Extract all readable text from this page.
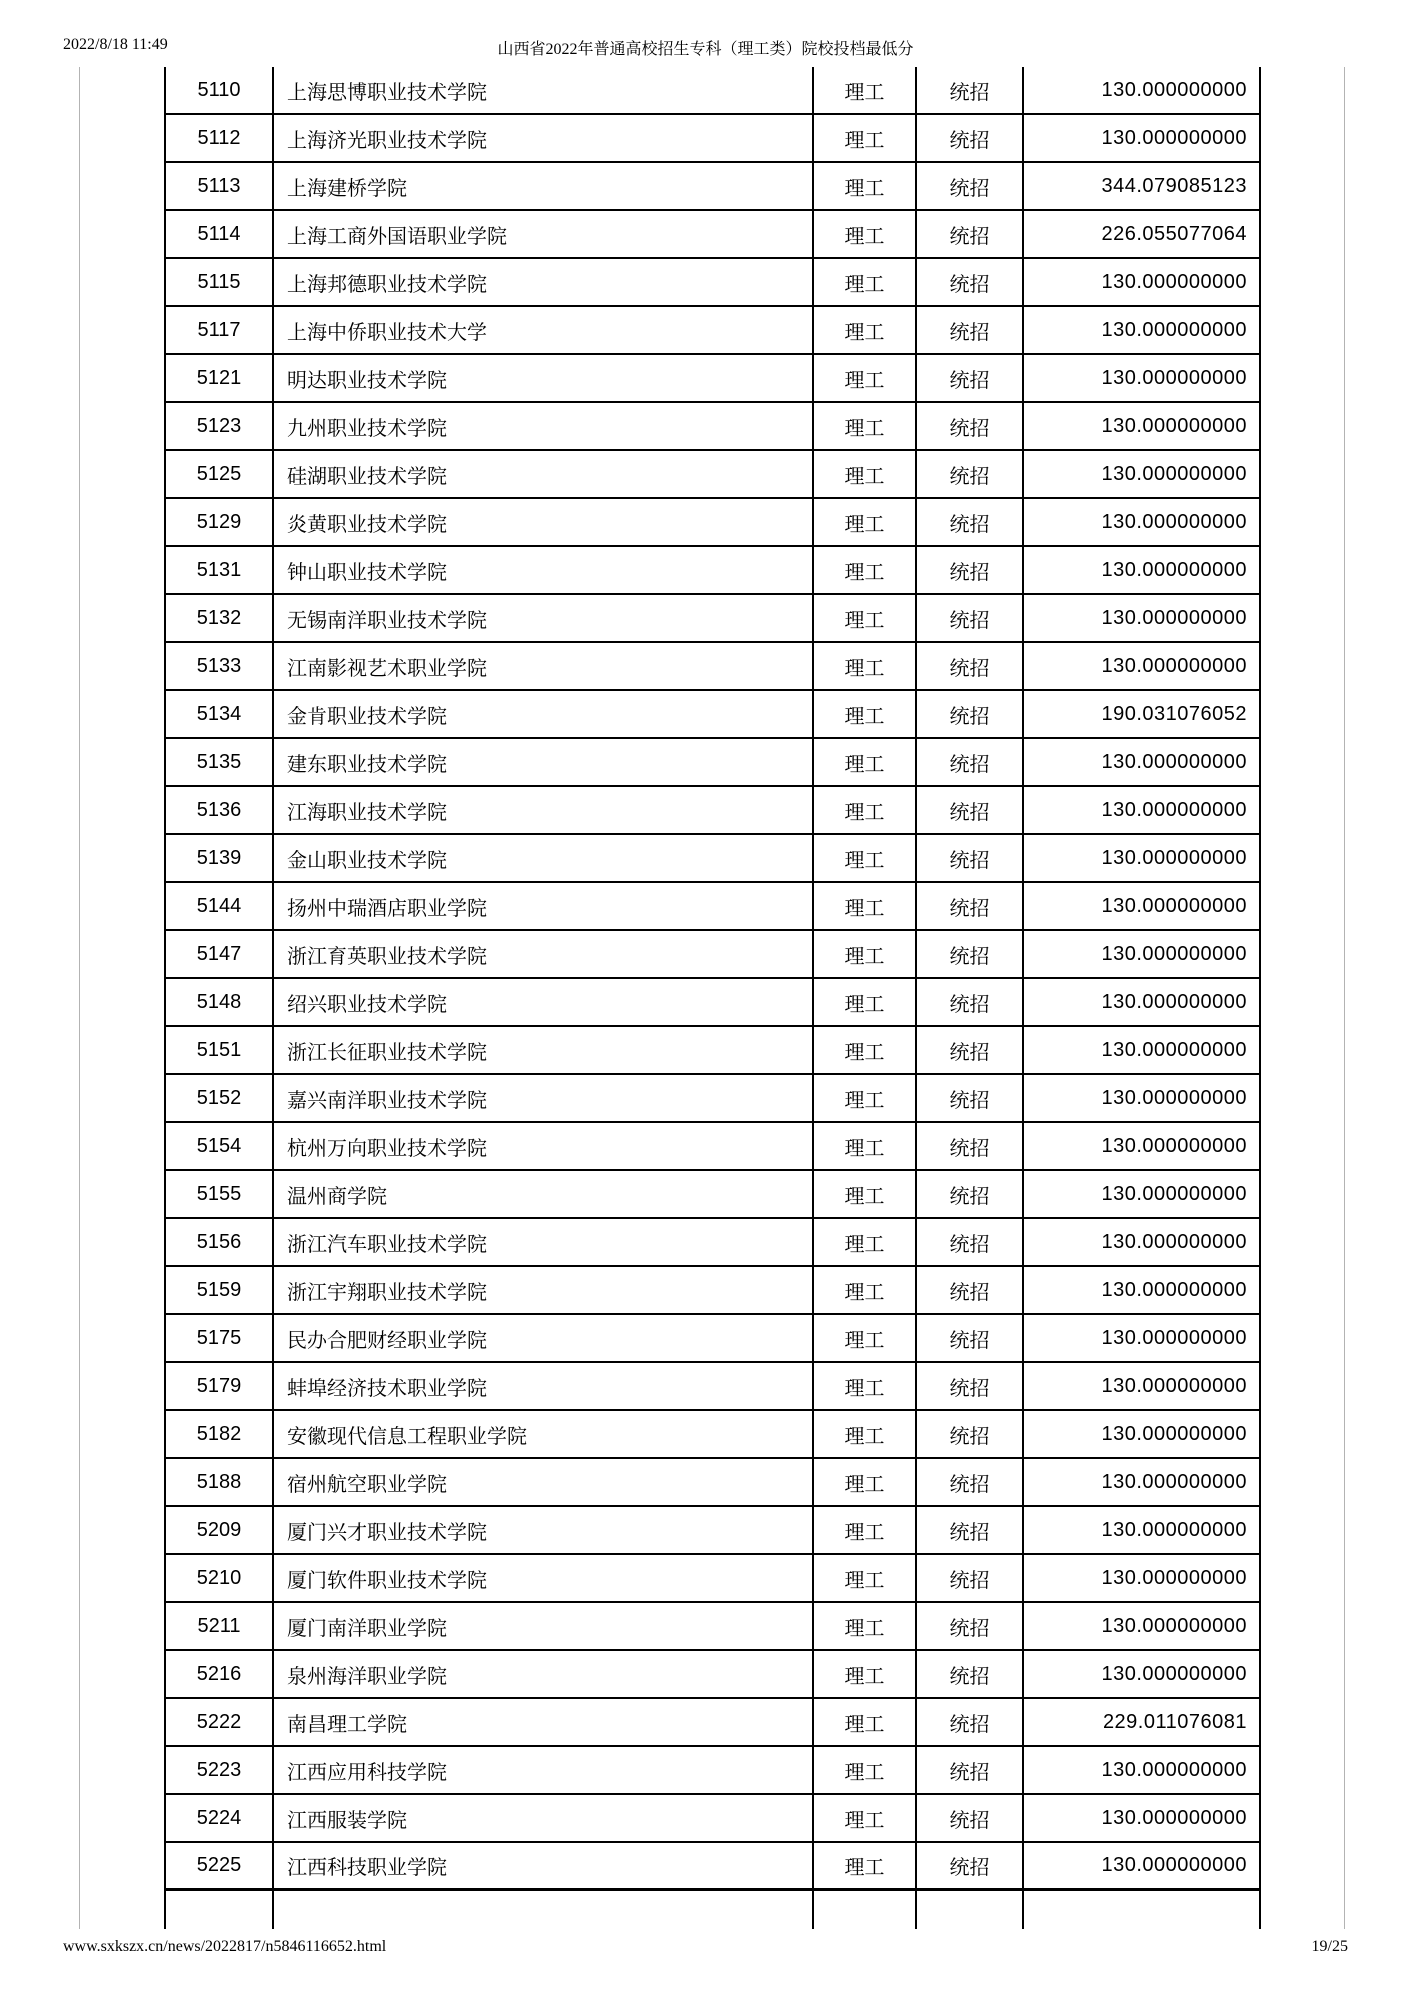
2022/8/18 11:49	山西省2022年普通高校招生专科（理工类）院校投档最低分
5110	上海思博职业技术学院	理工	统招	130.000000000
5112	上海济光职业技术学院	理工	统招	130.000000000
5113	上海建桥学院	理工	统招	344.079085123
5114	上海工商外国语职业学院	理工	统招	226.055077064
5115	上海邦德职业技术学院	理工	统招	130.000000000
5117	上海中侨职业技术大学	理工	统招	130.000000000
5121	明达职业技术学院	理工	统招	130.000000000
5123	九州职业技术学院	理工	统招	130.000000000
5125	硅湖职业技术学院	理工	统招	130.000000000
5129	炎黄职业技术学院	理工	统招	130.000000000
5131	钟山职业技术学院	理工	统招	130.000000000
5132	无锡南洋职业技术学院	理工	统招	130.000000000
5133	江南影视艺术职业学院	理工	统招	130.000000000
5134	金肯职业技术学院	理工	统招	190.031076052
5135	建东职业技术学院	理工	统招	130.000000000
5136	江海职业技术学院	理工	统招	130.000000000
5139	金山职业技术学院	理工	统招	130.000000000
5144	扬州中瑞酒店职业学院	理工	统招	130.000000000
5147	浙江育英职业技术学院	理工	统招	130.000000000
5148	绍兴职业技术学院	理工	统招	130.000000000
5151	浙江长征职业技术学院	理工	统招	130.000000000
5152	嘉兴南洋职业技术学院	理工	统招	130.000000000
5154	杭州万向职业技术学院	理工	统招	130.000000000
5155	温州商学院	理工	统招	130.000000000
5156	浙江汽车职业技术学院	理工	统招	130.000000000
5159	浙江宇翔职业技术学院	理工	统招	130.000000000
5175	民办合肥财经职业学院	理工	统招	130.000000000
5179	蚌埠经济技术职业学院	理工	统招	130.000000000
5182	安徽现代信息工程职业学院	理工	统招	130.000000000
5188	宿州航空职业学院	理工	统招	130.000000000
5209	厦门兴才职业技术学院	理工	统招	130.000000000
5210	厦门软件职业技术学院	理工	统招	130.000000000
5211	厦门南洋职业学院	理工	统招	130.000000000
5216	泉州海洋职业学院	理工	统招	130.000000000
5222	南昌理工学院	理工	统招	229.011076081
5223	江西应用科技学院	理工	统招	130.000000000
5224	江西服装学院	理工	统招	130.000000000
5225	江西科技职业学院	理工	统招	130.000000000
www.sxkszx.cn/news/2022817/n5846116652.html	19/25
